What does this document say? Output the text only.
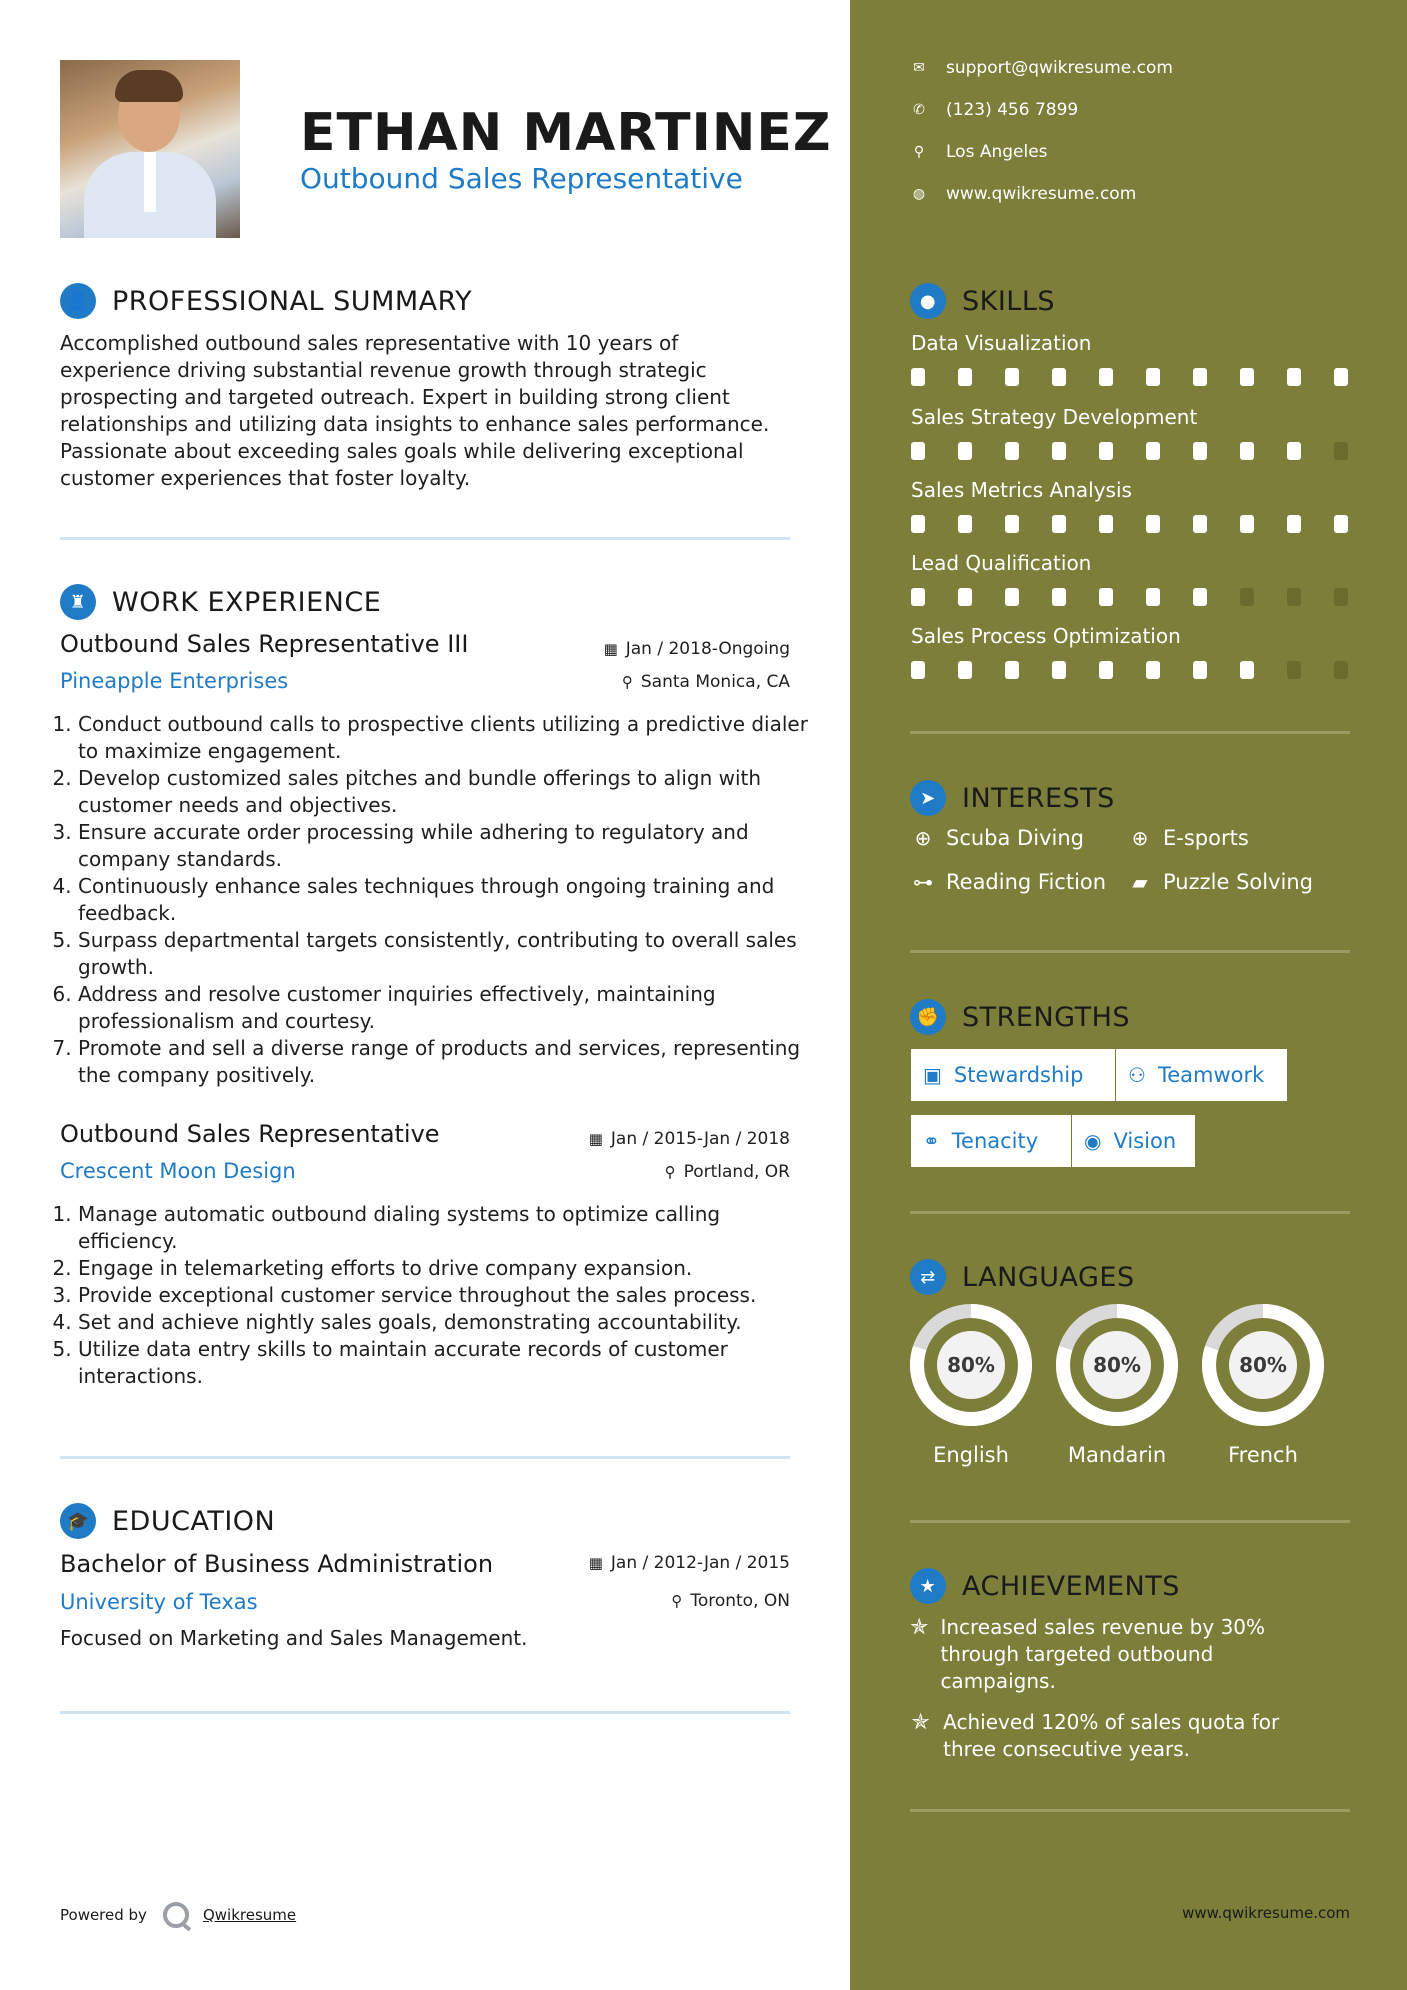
ETHAN MARTINEZ
Outbound Sales Representative
👤 PROFESSIONAL SUMMARY
Accomplished outbound sales representative with 10 years of experience driving substantial revenue growth through strategic prospecting and targeted outreach. Expert in building strong client relationships and utilizing data insights to enhance sales performance. Passionate about exceeding sales goals while delivering exceptional customer experiences that foster loyalty.
♜ WORK EXPERIENCE
Outbound Sales Representative III	▦ Jan / 2018-Ongoing
Pineapple Enterprises	⚲ Santa Monica, CA
1. Conduct outbound calls to prospective clients utilizing a predictive dialer to maximize engagement.
2. Develop customized sales pitches and bundle offerings to align with customer needs and objectives.
3. Ensure accurate order processing while adhering to regulatory and company standards.
4. Continuously enhance sales techniques through ongoing training and feedback.
5. Surpass departmental targets consistently, contributing to overall sales growth.
6. Address and resolve customer inquiries effectively, maintaining professionalism and courtesy.
7. Promote and sell a diverse range of products and services, representing the company positively.
Outbound Sales Representative	▦ Jan / 2015-Jan / 2018
Crescent Moon Design	⚲ Portland, OR
1. Manage automatic outbound dialing systems to optimize calling efficiency.
2. Engage in telemarketing efforts to drive company expansion.
3. Provide exceptional customer service throughout the sales process.
4. Set and achieve nightly sales goals, demonstrating accountability.
5. Utilize data entry skills to maintain accurate records of customer interactions.
🎓 EDUCATION
Bachelor of Business Administration	▦ Jan / 2012-Jan / 2015
University of Texas	⚲ Toronto, ON
Focused on Marketing and Sales Management.
Powered by	Qwikresume
✉ support@qwikresume.com
✆ (123) 456 7899
⚲ Los Angeles
◍ www.qwikresume.com
● SKILLS
Data Visualization
Sales Strategy Development
Sales Metrics Analysis
Lead Qualification
Sales Process Optimization
➤ INTERESTS
⊕ Scuba Diving ⊕ E-sports
⊶ Reading Fiction ▰ Puzzle Solving
✊ STRENGTHS
▣ Stewardship ⚇ Teamwork
⚭ Tenacity ◉ Vision
⇄ LANGUAGES
80%
English
80%
Mandarin
80%
French
★ ACHIEVEMENTS
✯ Increased sales revenue by 30% through targeted outbound campaigns.
✯ Achieved 120% of sales quota for three consecutive years.
www.qwikresume.com
